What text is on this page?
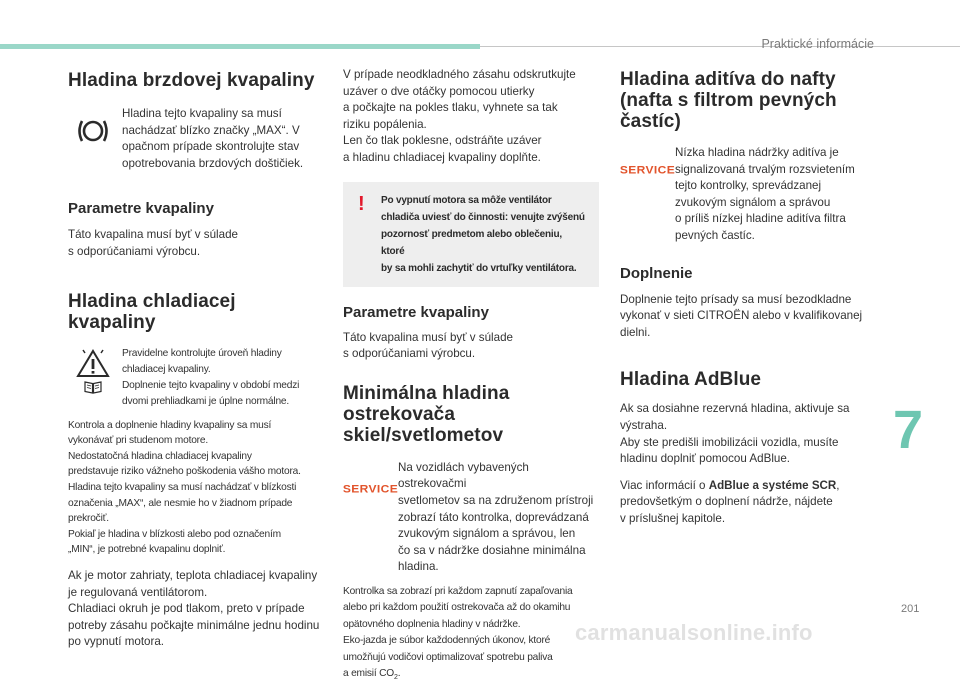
Praktické informácie
Hladina brzdovej kvapaliny
Hladina tejto kvapaliny sa musí
nachádzať blízko značky „MAX“. V
opačnom prípade skontrolujte stav
opotrebovania brzdových doštičiek.
Parametre kvapaliny
Táto kvapalina musí byť v súlade
s odporúčaniami výrobcu.
Hladina chladiacej kvapaliny
Pravidelne kontrolujte úroveň hladiny
chladiacej kvapaliny.
Doplnenie tejto kvapaliny v období medzi
dvomi prehliadkami je úplne normálne.
Kontrola a doplnenie hladiny kvapaliny sa musí
vykonávať pri studenom motore.
Nedostatočná hladina chladiacej kvapaliny
predstavuje riziko vážneho poškodenia vášho motora.
Hladina tejto kvapaliny sa musí nachádzať v blízkosti
označenia „MAX“, ale nesmie ho v žiadnom prípade
prekročiť.
Pokiaľ je hladina v blízkosti alebo pod označením
„MIN“, je potrebné kvapalinu doplniť.
Ak je motor zahriaty, teplota chladiacej kvapaliny
je regulovaná ventilátorom.
Chladiaci okruh je pod tlakom, preto v prípade
potreby zásahu počkajte minimálne jednu hodinu
po vypnutí motora.
V prípade neodkladného zásahu odskrutkujte
uzáver o dve otáčky pomocou utierky
a počkajte na pokles tlaku, vyhnete sa tak
riziku popálenia.
Len čo tlak poklesne, odstráňte uzáver
a hladinu chladiacej kvapaliny doplňte.
! Po vypnutí motora sa môže ventilátor
chladiča uviesť do činnosti: venujte zvýšenú
pozornosť predmetom alebo oblečeniu, ktoré
by sa mohli zachytiť do vrtuľky ventilátora.
Parametre kvapaliny
Táto kvapalina musí byť v súlade
s odporúčaniami výrobcu.
Minimálna hladina
ostrekovača skiel/svetlometov
SERVICE
Na vozidlách vybavených ostrekovačmi
svetlometov sa na združenom prístroji
zobrazí táto kontrolka, doprevádzaná
zvukovým signálom a správou, len
čo sa v nádržke dosiahne minimálna
hladina.
Kontrolka sa zobrazí pri každom zapnutí zapaľovania
alebo pri každom použití ostrekovača až do okamihu
opätovného doplnenia hladiny v nádržke.
Eko-jazda je súbor každodenných úkonov, ktoré
umožňujú vodičovi optimalizovať spotrebu paliva
a emisií $CO_2$.
Hladina aditíva do nafty
(nafta s filtrom pevných
častíc)
SERVICE
Nízka hladina nádržky aditíva je
signalizovaná trvalým rozsvietením
tejto kontrolky, sprevádzanej
zvukovým signálom a správou
o príliš nízkej hladine aditíva filtra
pevných častíc.
Doplnenie
Doplnenie tejto prísady sa musí bezodkladne
vykonať v sieti CITROËN alebo v kvalifikovanej
dielni.
Hladina AdBlue
Ak sa dosiahne rezervná hladina, aktivuje sa
výstraha.
Aby ste predišli imobilizácii vozidla, musíte
hladinu doplniť pomocou AdBlue.
Viac informácií o AdBlue a systéme SCR,
predovšetkým o doplnení nádrže, nájdete
v príslušnej kapitole.
7
201
carmanualsonline.info
